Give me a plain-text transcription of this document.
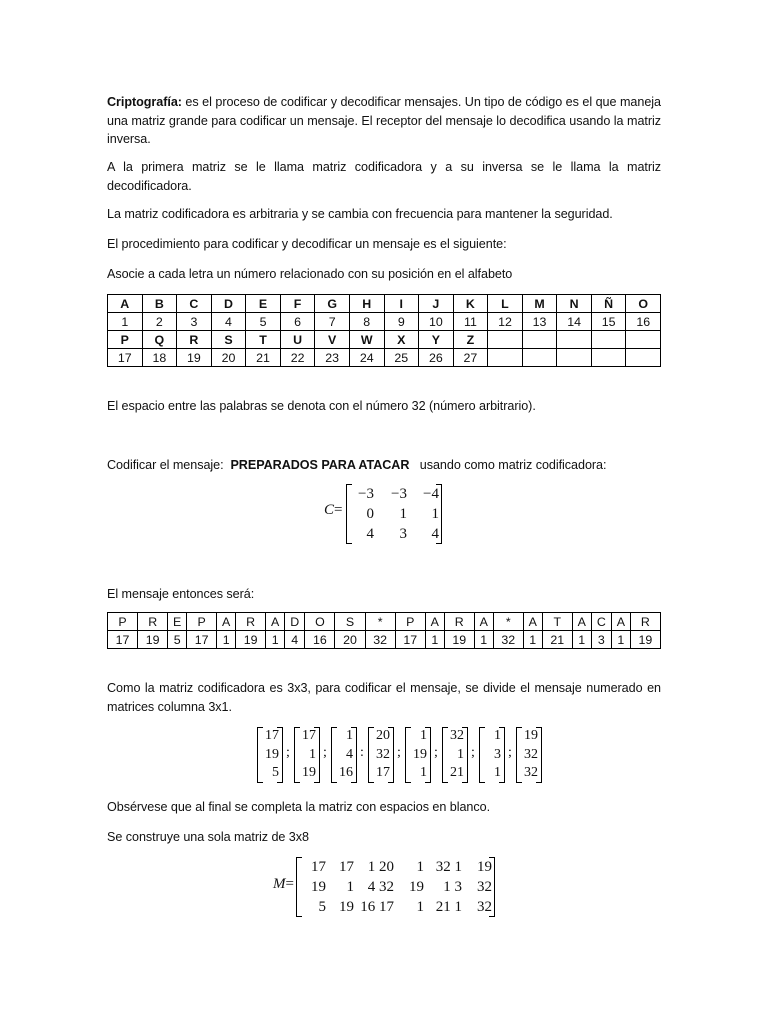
Criptografía: es el proceso de codificar y decodificar mensajes. Un tipo de código es el que maneja una matriz grande para codificar un mensaje. El receptor del mensaje lo decodifica usando la matriz inversa.
A la primera matriz se le llama matriz codificadora y a su inversa se le llama la matriz decodificadora.
La matriz codificadora es arbitraria y se cambia con frecuencia para mantener la seguridad.
El procedimiento para codificar y decodificar un mensaje es el siguiente:
Asocie a cada letra un número relacionado con su posición en el alfabeto
A	B	C	D	E	F	G	H	I	J	K	L	M	N	Ñ	O
1	2	3	4	5	6	7	8	9	10	11	12	13	14	15	16
P	Q	R	S	T	U	V	W	X	Y	Z					
17	18	19	20	21	22	23	24	25	26	27					
El espacio entre las palabras se denota con el número 32 (número arbitrario).
Codificar el mensaje:  PREPARADOS PARA ATACAR   usando como matriz codificadora:
C=
−3	−3	−4
0	1	1
4	3	4
El mensaje entonces será:
P	R	E	P	A	R	A	D	O	S	*	P	A	R	A	*	A	T	A	C	A	R
17	19	5	17	1	19	1	4	16	20	32	17	1	19	1	32	1	21	1	3	1	19
Como la matriz codificadora es 3x3, para codificar el mensaje, se divide el mensaje numerado en matrices columna 3x1.
17
19
5
;
17
1
19
;
1
4
16
:
20
32
17
;
1
19
1
;
32
1
21
;
1
3
1
;
19
32
32
Obsérvese que al final se completa la matriz con espacios en blanco.
Se construye una sola matriz de 3x8
M=
17 17 1 20	1 32 1	19
19	1 4 32	19	1 3	32
5 19 16 17	1 21 1	32
